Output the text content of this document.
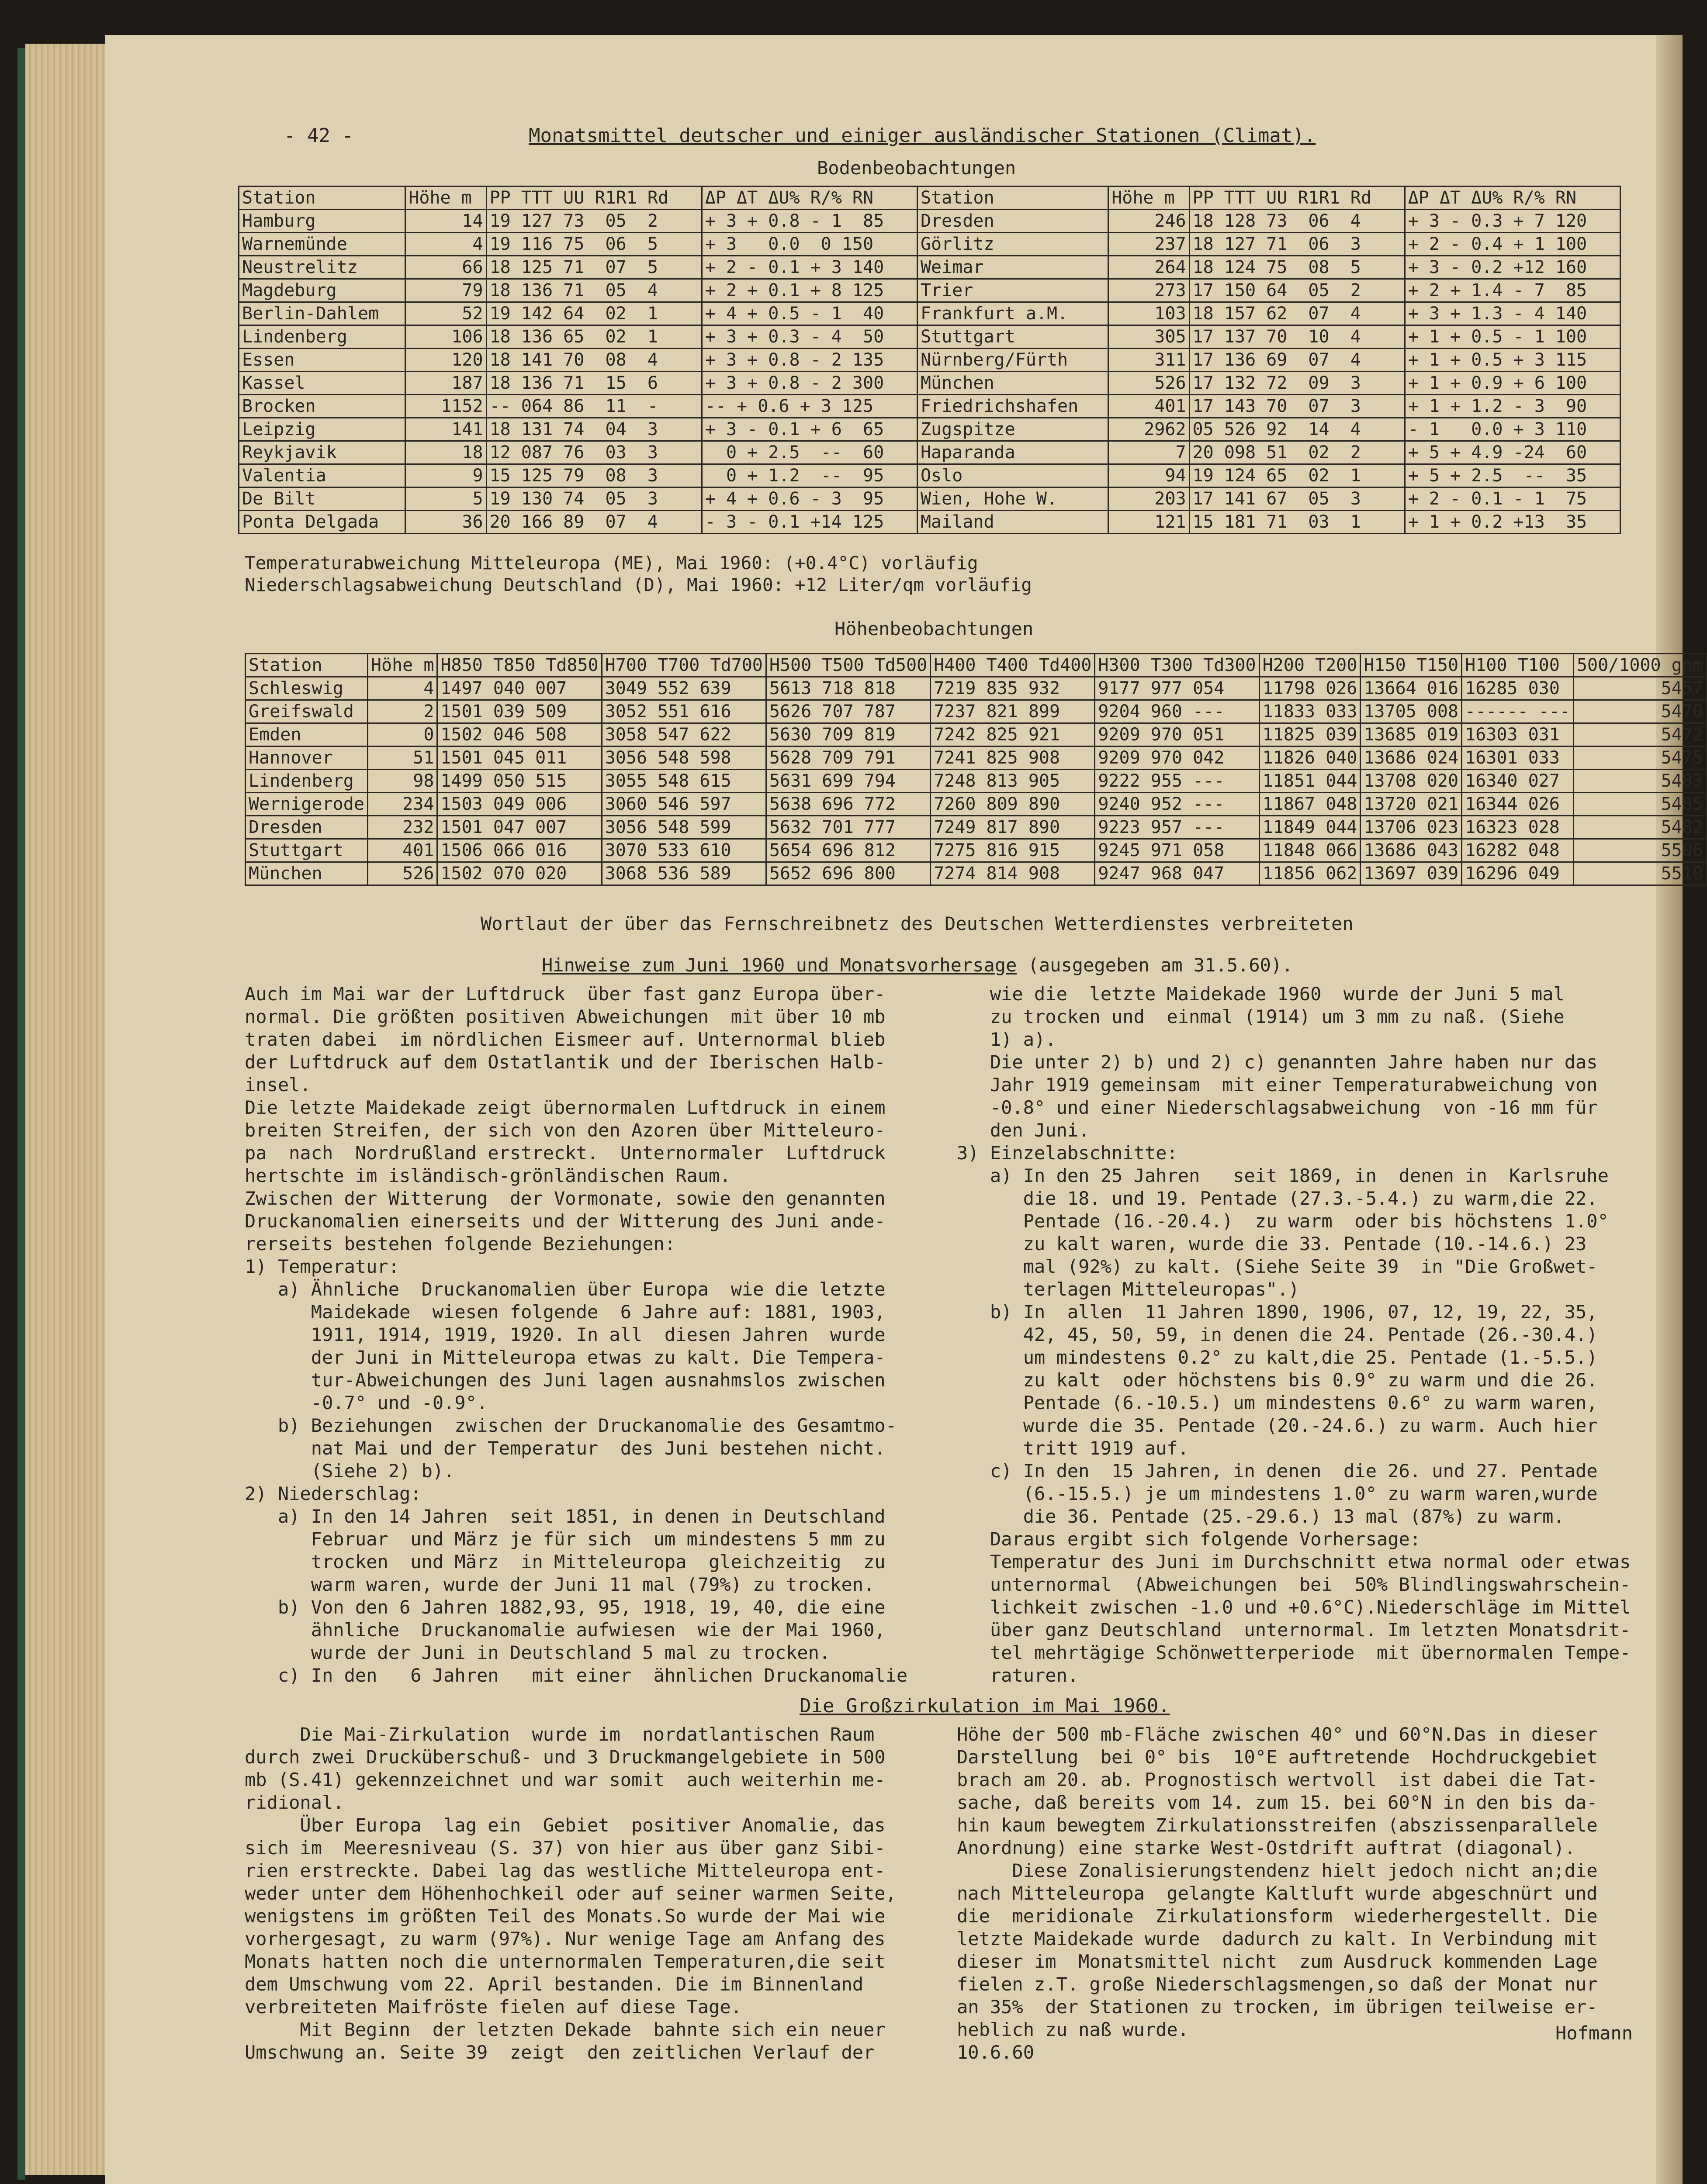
- 42 -	Monatsmittel deutscher und einiger ausländischer Stationen (Climat).
Bodenbeobachtungen
Station	Höhe m	PP TTT UU R1R1 Rd	ΔP ΔT ΔU% R/% RN	Station	Höhe m	PP TTT UU R1R1 Rd	ΔP ΔT ΔU% R/% RN
Hamburg	14	19 127 73  05  2	+ 3 + 0.8 - 1  85	Dresden	246	18 128 73  06  4	+ 3 - 0.3 + 7 120
Warnemünde	4	19 116 75  06  5	+ 3   0.0  0 150	Görlitz	237	18 127 71  06  3	+ 2 - 0.4 + 1 100
Neustrelitz	66	18 125 71  07  5	+ 2 - 0.1 + 3 140	Weimar	264	18 124 75  08  5	+ 3 - 0.2 +12 160
Magdeburg	79	18 136 71  05  4	+ 2 + 0.1 + 8 125	Trier	273	17 150 64  05  2	+ 2 + 1.4 - 7  85
Berlin-Dahlem	52	19 142 64  02  1	+ 4 + 0.5 - 1  40	Frankfurt a.M.	103	18 157 62  07  4	+ 3 + 1.3 - 4 140
Lindenberg	106	18 136 65  02  1	+ 3 + 0.3 - 4  50	Stuttgart	305	17 137 70  10  4	+ 1 + 0.5 - 1 100
Essen	120	18 141 70  08  4	+ 3 + 0.8 - 2 135	Nürnberg/Fürth	311	17 136 69  07  4	+ 1 + 0.5 + 3 115
Kassel	187	18 136 71  15  6	+ 3 + 0.8 - 2 300	München	526	17 132 72  09  3	+ 1 + 0.9 + 6 100
Brocken	1152	-- 064 86  11  -	-- + 0.6 + 3 125	Friedrichshafen	401	17 143 70  07  3	+ 1 + 1.2 - 3  90
Leipzig	141	18 131 74  04  3	+ 3 - 0.1 + 6  65	Zugspitze	2962	05 526 92  14  4	- 1   0.0 + 3 110
Reykjavik	18	12 087 76  03  3	0 + 2.5  --  60	Haparanda	7	20 098 51  02  2	+ 5 + 4.9 -24  60
Valentia	9	15 125 79  08  3	0 + 1.2  --  95	Oslo	94	19 124 65  02  1	+ 5 + 2.5  --  35
De Bilt	5	19 130 74  05  3	+ 4 + 0.6 - 3  95	Wien, Hohe W.	203	17 141 67  05  3	+ 2 - 0.1 - 1  75
Ponta Delgada	36	20 166 89  07  4	- 3 - 0.1 +14 125	Mailand	121	15 181 71  03  1	+ 1 + 0.2 +13  35
Temperaturabweichung Mitteleuropa (ME), Mai 1960: (+0.4°C) vorläufig
Niederschlagsabweichung Deutschland (D), Mai 1960: +12 Liter/qm vorläufig
Höhenbeobachtungen
Station	Höhe m	H850 T850 Td850	H700 T700 Td700	H500 T500 Td500	H400 T400 Td400	H300 T300 Td300	H200 T200	H150 T150	H100 T100	500/1000 gpm
Schleswig	4	1497 040 007	3049 552 639	5613 718 818	7219 835 932	9177 977 054	11798 026	13664 016	16285 030	5457
Greifswald	2	1501 039 509	3052 551 616	5626 707 787	7237 821 899	9204 960 ---	11833 033	13705 008	------ ---	5470
Emden	0	1502 046 508	3058 547 622	5630 709 819	7242 825 921	9209 970 051	11825 039	13685 019	16303 031	5472
Hannover	51	1501 045 011	3056 548 598	5628 709 791	7241 825 908	9209 970 042	11826 040	13686 024	16301 033	5475
Lindenberg	98	1499 050 515	3055 548 615	5631 699 794	7248 813 905	9222 955 ---	11851 044	13708 020	16340 027	5483
Wernigerode	234	1503 049 006	3060 546 597	5638 696 772	7260 809 890	9240 952 ---	11867 048	13720 021	16344 026	5485
Dresden	232	1501 047 007	3056 548 599	5632 701 777	7249 817 890	9223 957 ---	11849 044	13706 023	16323 028	5482
Stuttgart	401	1506 066 016	3070 533 610	5654 696 812	7275 816 915	9245 971 058	11848 066	13686 043	16282 048	5506
München	526	1502 070 020	3068 536 589	5652 696 800	7274 814 908	9247 968 047	11856 062	13697 039	16296 049	5510
Wortlaut der über das Fernschreibnetz des Deutschen Wetterdienstes verbreiteten
Hinweise zum Juni 1960 und Monatsvorhersage (ausgegeben am 31.5.60).
Auch im Mai war der Luftdruck  über fast ganz Europa über-
normal. Die größten positiven Abweichungen  mit über 10 mb
traten dabei  im nördlichen Eismeer auf. Unternormal blieb
der Luftdruck auf dem Ostatlantik und der Iberischen Halb-
insel.
Die letzte Maidekade zeigt übernormalen Luftdruck in einem
breiten Streifen, der sich von den Azoren über Mitteleuro-
pa  nach  Nordrußland erstreckt.  Unternormaler  Luftdruck
hertschte im isländisch-grönländischen Raum.
Zwischen der Witterung  der Vormonate, sowie den genannten
Druckanomalien einerseits und der Witterung des Juni ande-
rerseits bestehen folgende Beziehungen:
1) Temperatur:
a) Ähnliche  Druckanomalien über Europa  wie die letzte
Maidekade  wiesen folgende  6 Jahre auf: 1881, 1903,
1911, 1914, 1919, 1920. In all  diesen Jahren  wurde
der Juni in Mitteleuropa etwas zu kalt. Die Tempera-
tur-Abweichungen des Juni lagen ausnahmslos zwischen
-0.7° und -0.9°.
b) Beziehungen  zwischen der Druckanomalie des Gesamtmo-
nat Mai und der Temperatur  des Juni bestehen nicht.
(Siehe 2) b).
2) Niederschlag:
a) In den 14 Jahren  seit 1851, in denen in Deutschland
Februar  und März je für sich  um mindestens 5 mm zu
trocken  und März  in Mitteleuropa  gleichzeitig  zu
warm waren, wurde der Juni 11 mal (79%) zu trocken.
b) Von den 6 Jahren 1882,93, 95, 1918, 19, 40, die eine
ähnliche  Druckanomalie aufwiesen  wie der Mai 1960,
wurde der Juni in Deutschland 5 mal zu trocken.
c) In den   6 Jahren   mit einer  ähnlichen Druckanomalie
wie die  letzte Maidekade 1960  wurde der Juni 5 mal
zu trocken und  einmal (1914) um 3 mm zu naß. (Siehe
1) a).
Die unter 2) b) und 2) c) genannten Jahre haben nur das
Jahr 1919 gemeinsam  mit einer Temperaturabweichung von
-0.8° und einer Niederschlagsabweichung  von -16 mm für
den Juni.
3) Einzelabschnitte:
a) In den 25 Jahren   seit 1869, in  denen in  Karlsruhe
die 18. und 19. Pentade (27.3.-5.4.) zu warm,die 22.
Pentade (16.-20.4.)  zu warm  oder bis höchstens 1.0°
zu kalt waren, wurde die 33. Pentade (10.-14.6.) 23
mal (92%) zu kalt. (Siehe Seite 39  in "Die Großwet-
terlagen Mitteleuropas".)
b) In  allen  11 Jahren 1890, 1906, 07, 12, 19, 22, 35,
42, 45, 50, 59, in denen die 24. Pentade (26.-30.4.)
um mindestens 0.2° zu kalt,die 25. Pentade (1.-5.5.)
zu kalt  oder höchstens bis 0.9° zu warm und die 26.
Pentade (6.-10.5.) um mindestens 0.6° zu warm waren,
wurde die 35. Pentade (20.-24.6.) zu warm. Auch hier
tritt 1919 auf.
c) In den  15 Jahren, in denen  die 26. und 27. Pentade
(6.-15.5.) je um mindestens 1.0° zu warm waren,wurde
die 36. Pentade (25.-29.6.) 13 mal (87%) zu warm.
Daraus ergibt sich folgende Vorhersage:
Temperatur des Juni im Durchschnitt etwa normal oder etwas
unternormal  (Abweichungen  bei  50% Blindlingswahrschein-
lichkeit zwischen -1.0 und +0.6°C).Niederschläge im Mittel
über ganz Deutschland  unternormal. Im letzten Monatsdrit-
tel mehrtägige Schönwetterperiode  mit übernormalen Tempe-
raturen.
Die Großzirkulation im Mai 1960.
Die Mai-Zirkulation  wurde im  nordatlantischen Raum
durch zwei Drucküberschuß- und 3 Druckmangelgebiete in 500
mb (S.41) gekennzeichnet und war somit  auch weiterhin me-
ridional.
Über Europa  lag ein  Gebiet  positiver Anomalie, das
sich im  Meeresniveau (S. 37) von hier aus über ganz Sibi-
rien erstreckte. Dabei lag das westliche Mitteleuropa ent-
weder unter dem Höhenhochkeil oder auf seiner warmen Seite,
wenigstens im größten Teil des Monats.So wurde der Mai wie
vorhergesagt, zu warm (97%). Nur wenige Tage am Anfang des
Monats hatten noch die unternormalen Temperaturen,die seit
dem Umschwung vom 22. April bestanden. Die im Binnenland
verbreiteten Maifröste fielen auf diese Tage.
Mit Beginn  der letzten Dekade  bahnte sich ein neuer
Umschwung an. Seite 39  zeigt  den zeitlichen Verlauf der
Höhe der 500 mb-Fläche zwischen 40° und 60°N.Das in dieser
Darstellung  bei 0° bis  10°E auftretende  Hochdruckgebiet
brach am 20. ab. Prognostisch wertvoll  ist dabei die Tat-
sache, daß bereits vom 14. zum 15. bei 60°N in den bis da-
hin kaum bewegtem Zirkulationsstreifen (abszissenparallele
Anordnung) eine starke West-Ostdrift auftrat (diagonal).
Diese Zonalisierungstendenz hielt jedoch nicht an;die
nach Mitteleuropa  gelangte Kaltluft wurde abgeschnürt und
die  meridionale  Zirkulationsform  wiederhergestellt. Die
letzte Maidekade wurde  dadurch zu kalt. In Verbindung mit
dieser im  Monatsmittel nicht  zum Ausdruck kommenden Lage
fielen z.T. große Niederschlagsmengen,so daß der Monat nur
an 35%  der Stationen zu trocken, im übrigen teilweise er-
heblich zu naß wurde.
10.6.60
Hofmann
